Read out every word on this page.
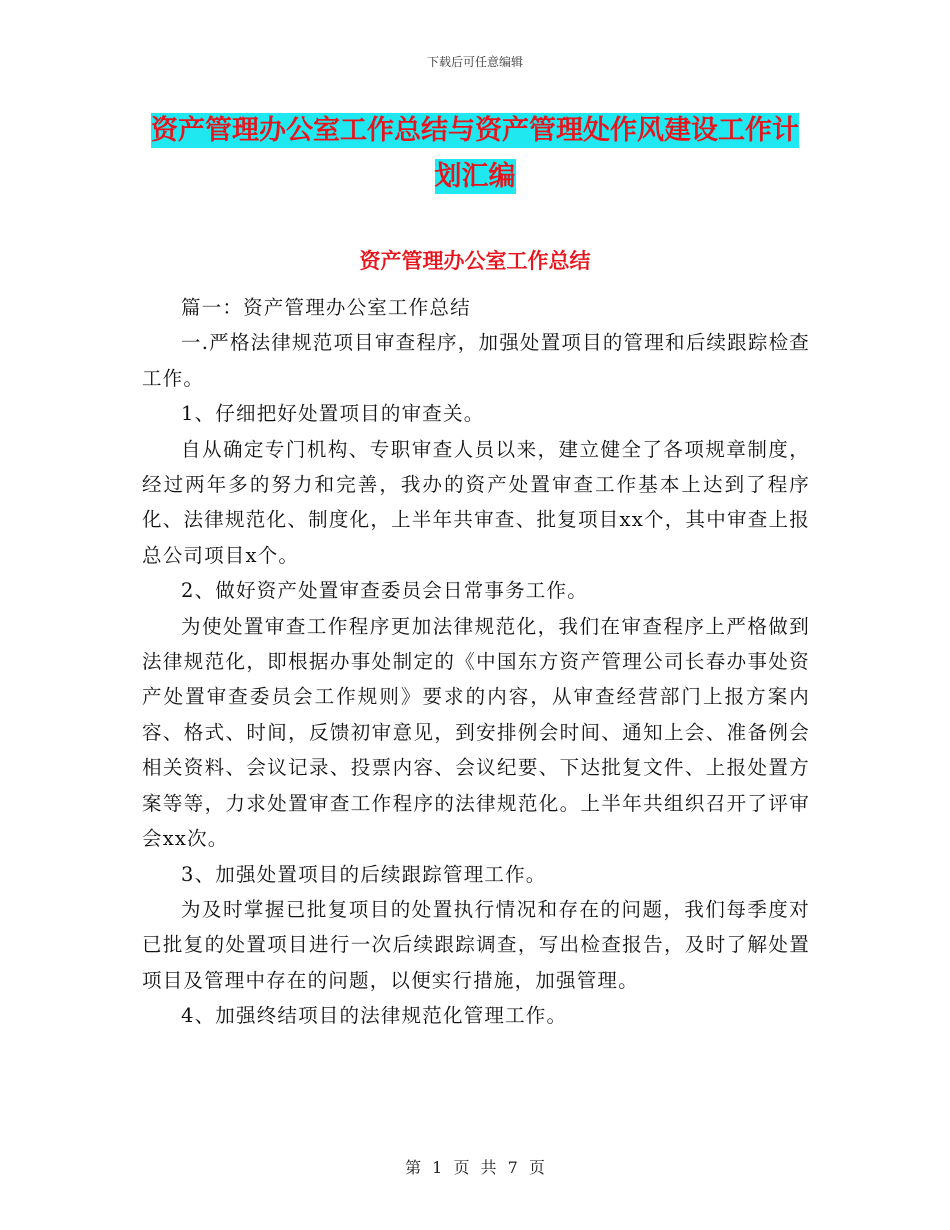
下载后可任意编辑
资产管理办公室工作总结与资产管理处作风建设工作计划汇编
资产管理办公室工作总结

篇一：资产管理办公室工作总结

一.严格法律规范项目审查程序，加强处置项目的管理和后续跟踪检查工作。

1、仔细把好处置项目的审查关。

自从确定专门机构、专职审查人员以来，建立健全了各项规章制度，经过两年多的努力和完善，我办的资产处置审查工作基本上达到了程序化、法律规范化、制度化，上半年共审查、批复项目xx个，其中审查上报总公司项目x个。

2、做好资产处置审查委员会日常事务工作。

为使处置审查工作程序更加法律规范化，我们在审查程序上严格做到法律规范化，即根据办事处制定的《中国东方资产管理公司长春办事处资产处置审查委员会工作规则》要求的内容，从审查经营部门上报方案内容、格式、时间，反馈初审意见，到安排例会时间、通知上会、准备例会相关资料、会议记录、投票内容、会议纪要、下达批复文件、上报处置方案等等，力求处置审查工作程序的法律规范化。上半年共组织召开了评审会xx次。

3、加强处置项目的后续跟踪管理工作。

为及时掌握已批复项目的处置执行情况和存在的问题，我们每季度对已批复的处置项目进行一次后续跟踪调查，写出检查报告，及时了解处置项目及管理中存在的问题，以便实行措施，加强管理。

4、加强终结项目的法律规范化管理工作。

第 1 页 共 7 页
